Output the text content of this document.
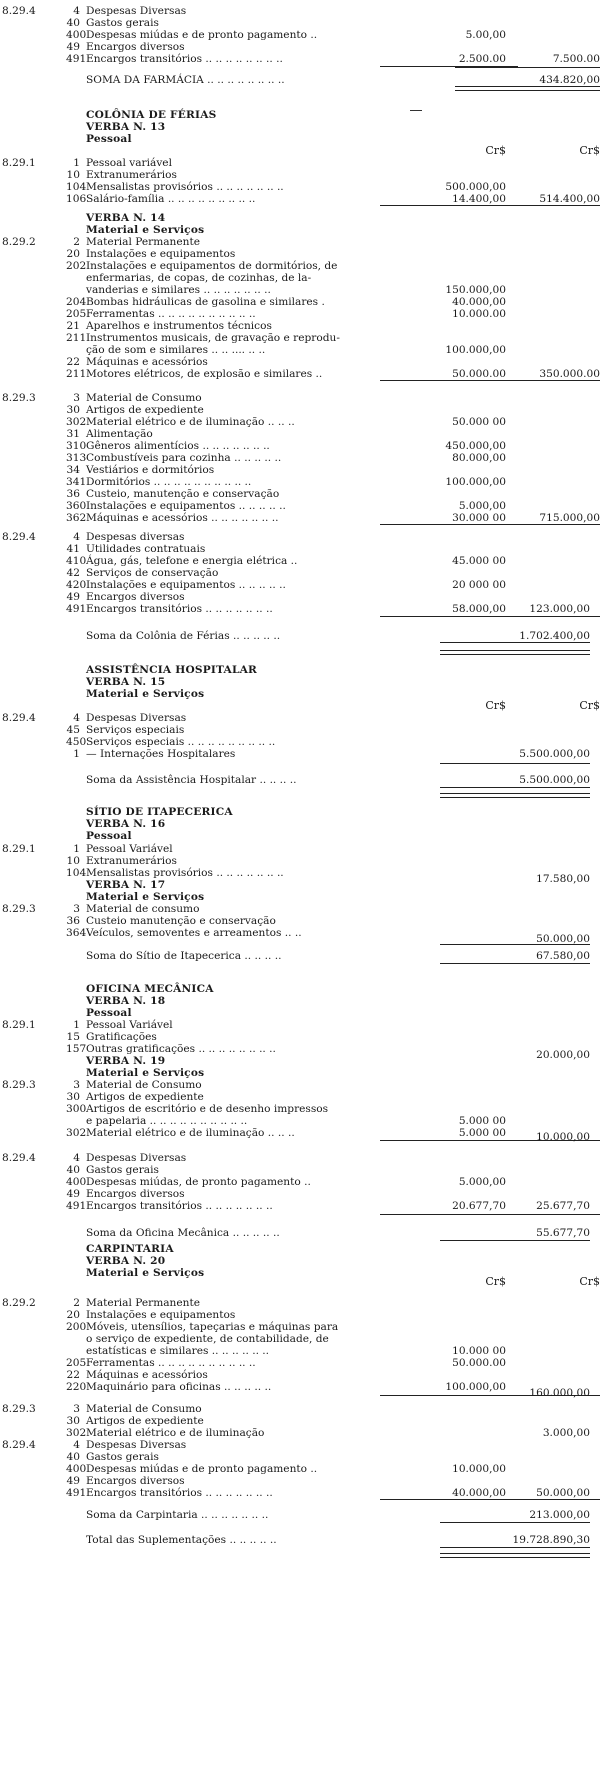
8.29.4	4 Despesas Diversas
40 Gastos gerais
400 Despesas miúdas e de pronto pagamento ..	5.00,00
49 Encargos diversos
491 Encargos transitórios .. .. .. .. .. .. .. ..	2.500.00	7.500.00
SOMA DA FARMÁCIA .. .. .. .. .. .. .. ..	434.820,00
COLÔNIA DE FÉRIAS
VERBA N. 13
Pessoal
Cr$	Cr$
8.29.1	1 Pessoal variável
10 Extranumerários
104 Mensalistas provisórios .. .. .. .. .. .. ..	500.000,00
106 Salário-família .. .. .. .. .. .. .. .. ..	14.400,00	514.400,00
VERBA N. 14
Material e Serviços
8.29.2	2 Material Permanente
20 Instalações e equipamentos
202 Instalações e equipamentos de dormitórios, de
enfermarias, de copas, de cozinhas, de la-
vanderias e similares .. .. .. .. .. .. ..	150.000,00
204 Bombas hidráulicas de gasolina e similares .	40.000,00
205 Ferramentas .. .. .. .. .. .. .. .. .. ..	10.000.00
21 Aparelhos e instrumentos técnicos
211 Instrumentos musicais, de gravação e reprodu-
ção de som e similares .. .. .... .. ..	100.000,00
22 Máquinas e acessórios
211 Motores elétricos, de explosão e similares ..	50.000.00	350.000.00
8.29.3	3 Material de Consumo
30 Artigos de expediente
302 Material elétrico e de iluminação .. .. ..	50.000 00
31 Alimentação
310 Gêneros alimentícios .. .. .. .. .. .. ..	450.000,00
313 Combustíveis para cozinha .. .. .. .. ..	80.000,00
34 Vestiários e dormitórios
341 Dormitórios .. .. .. .. .. .. .. .. .. ..	100.000,00
36 Custeio, manutenção e conservação
360 Instalações e equipamentos .. .. .. .. ..	5.000,00
362 Máquinas e acessórios .. .. .. .. .. .. ..	30.000 00	715.000,00
8.29.4	4 Despesas diversas
41 Utilidades contratuais
410 Água, gás, telefone e energia elétrica ..	45.000 00
42 Serviços de conservação
420 Instalações e equipamentos .. .. .. .. ..	20 000 00
49 Encargos diversos
491 Encargos transitórios .. .. .. .. .. .. ..	58.000,00	123.000,00
Soma da Colônia de Férias .. .. .. .. ..	1.702.400,00
ASSISTÊNCIA HOSPITALAR
VERBA N. 15
Material e Serviços
Cr$	Cr$
8.29.4	4 Despesas Diversas
45 Serviços especiais
450 Serviços especiais .. .. .. .. .. .. .. .. ..
1 — Internações Hospitalares	5.500.000,00
Soma da Assistência Hospitalar .. .. .. ..	5.500.000,00
SÍTIO DE ITAPECERICA
VERBA N. 16
Pessoal
8.29.1	1 Pessoal Variável
10 Extranumerários
104 Mensalistas provisórios .. .. .. .. .. .. ..	17.580,00
VERBA N. 17
Material e Serviços
8.29.3	3 Material de consumo
36 Custeio manutenção e conservação
364 Veículos, semoventes e arreamentos .. ..	50.000,00
Soma do Sítio de Itapecerica .. .. .. ..	67.580,00
OFICINA MECÂNICA
VERBA N. 18
Pessoal
8.29.1	1 Pessoal Variável
15 Gratificações
157 Outras gratificações .. .. .. .. .. .. .. ..	20.000,00
VERBA N. 19
Material e Serviços
8.29.3	3 Material de Consumo
30 Artigos de expediente
300 Artigos de escritório e de desenho impressos
e papelaria .. .. .. .. .. .. .. .. .. ..	5.000 00
302 Material elétrico e de iluminação .. .. ..	5.000 00	10.000,00
8.29.4	4 Despesas Diversas
40 Gastos gerais
400 Despesas miúdas, de pronto pagamento ..	5.000,00
49 Encargos diversos
491 Encargos transitórios .. .. .. .. .. .. ..	20.677,70	25.677,70
Soma da Oficina Mecânica .. .. .. .. ..	55.677,70
CARPINTARIA
VERBA N. 20
Material e Serviços
Cr$	Cr$
8.29.2	2 Material Permanente
20 Instalações e equipamentos
200 Móveis, utensílios, tapeçarias e máquinas para
o serviço de expediente, de contabilidade, de
estatísticas e similares .. .. .. .. .. ..	10.000 00
205 Ferramentas .. .. .. .. .. .. .. .. .. ..	50.000.00
22 Máquinas e acessórios
220 Maquinário para oficinas .. .. .. .. ..	100.000,00	160.000,00
8.29.3	3 Material de Consumo
30 Artigos de expediente
302 Material elétrico e de iluminação	3.000,00
8.29.4	4 Despesas Diversas
40 Gastos gerais
400 Despesas miúdas e de pronto pagamento ..	10.000,00
49 Encargos diversos
491 Encargos transitórios .. .. .. .. .. .. ..	40.000,00	50.000,00
Soma da Carpintaria .. .. .. .. .. .. ..	213.000,00
Total das Suplementações .. .. .. .. ..	19.728.890,30
